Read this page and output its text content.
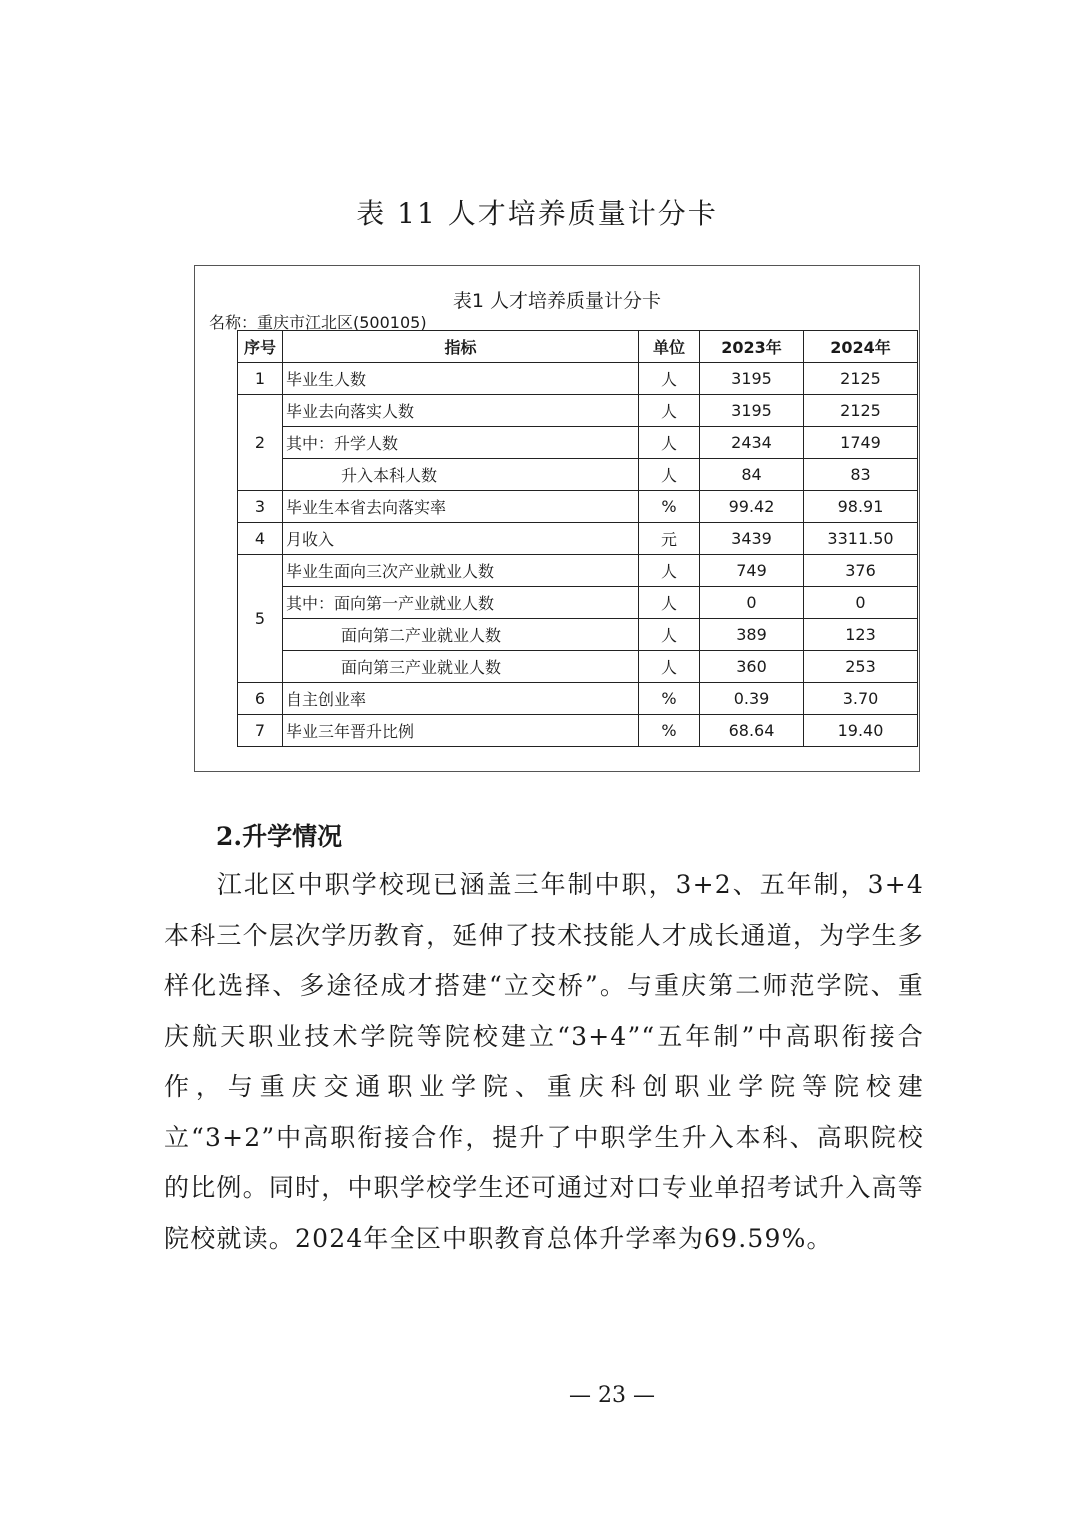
表 11 人才培养质量计分卡
表1 人才培养质量计分卡
名称：重庆市江北区(500105)
序号	指标	单位	2023年	2024年
1	毕业生人数	人	3195	2125
2	毕业去向落实人数	人	3195	2125
	其中：升学人数	人	2434	1749
	升入本科人数	人	84	83
3	毕业生本省去向落实率	%	99.42	98.91
4	月收入	元	3439	3311.50
5	毕业生面向三次产业就业人数	人	749	376
	其中：面向第一产业就业人数	人	0	0
	面向第二产业就业人数	人	389	123
	面向第三产业就业人数	人	360	253
6	自主创业率	%	0.39	3.70
7	毕业三年晋升比例	%	68.64	19.40
2.升学情况
江北区中职学校现已涵盖三年制中职，3+2、五年制，3+4本科三个层次学历教育，延伸了技术技能人才成长通道，为学生多样化选择、多途径成才搭建“立交桥”。与重庆第二师范学院、重庆航天职业技术学院等院校建立“3+4”“五年制”中高职衔接合作，与重庆交通职业学院、重庆科创职业学院等院校建立“3+2”中高职衔接合作，提升了中职学生升入本科、高职院校的比例。同时，中职学校学生还可通过对口专业单招考试升入高等院校就读。2024年全区中职教育总体升学率为69.59%。
— 23 —
